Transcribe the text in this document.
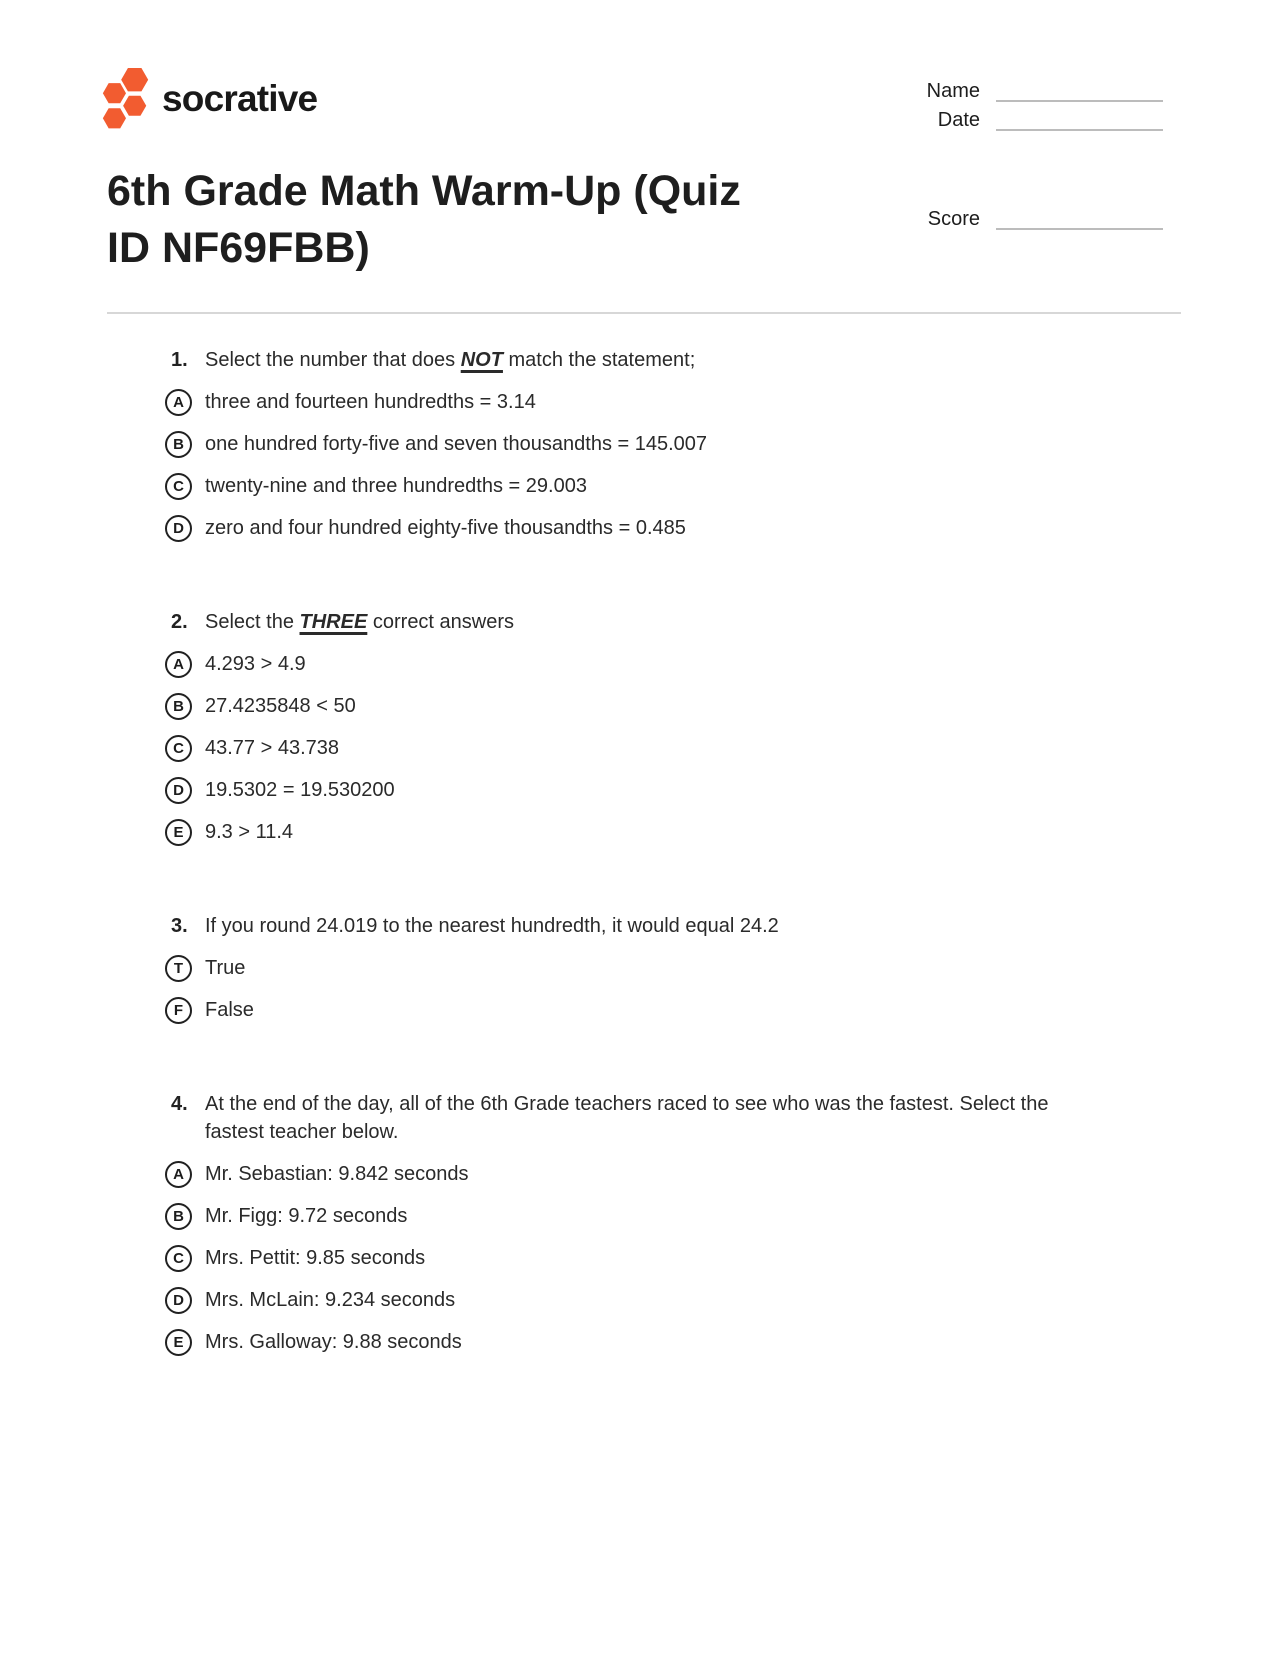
socrative	Name
Date
Score
6th Grade Math Warm-Up (Quiz
ID NF69FBB)
1. Select the number that does NOT match the statement;
A	three and fourteen hundredths = 3.14
B	one hundred forty-five and seven thousandths = 145.007
C	twenty-nine and three hundredths = 29.003
D	zero and four hundred eighty-five thousandths = 0.485
2. Select the THREE correct answers
A	4.293 > 4.9
B	27.4235848 < 50
C	43.77 > 43.738
D	19.5302 = 19.530200
E	9.3 > 11.4
3. If you round 24.019 to the nearest hundredth, it would equal 24.2
T	True
F	False
4. At the end of the day, all of the 6th Grade teachers raced to see who was the fastest. Select the fastest teacher below.
A	Mr. Sebastian: 9.842 seconds
B	Mr. Figg: 9.72 seconds
C	Mrs. Pettit: 9.85 seconds
D	Mrs. McLain: 9.234 seconds
E	Mrs. Galloway: 9.88 seconds
